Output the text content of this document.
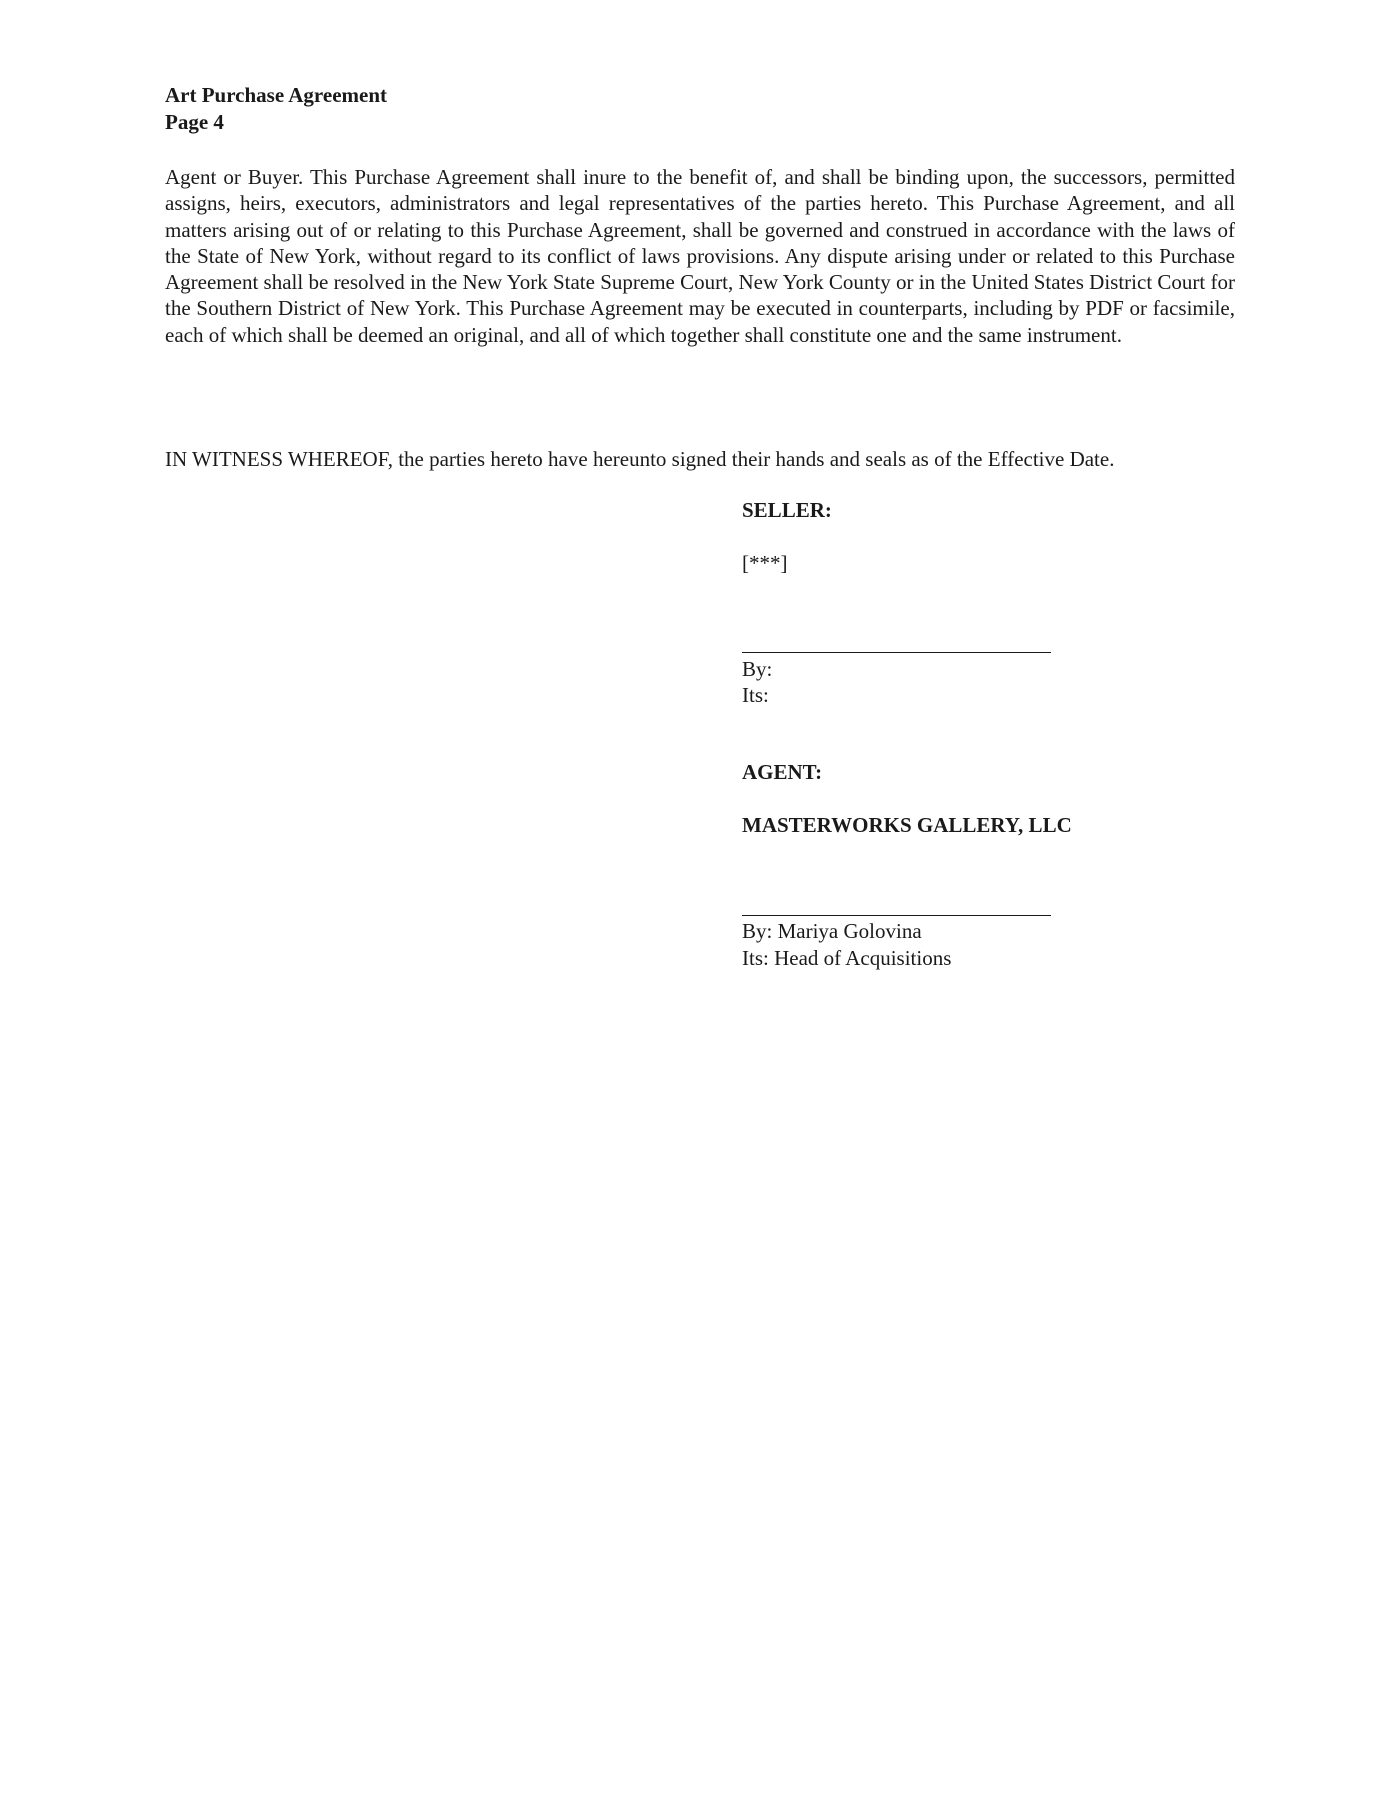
Art Purchase Agreement
Page 4
Agent or Buyer. This Purchase Agreement shall inure to the benefit of, and shall be binding upon, the successors, permitted assigns, heirs, executors, administrators and legal representatives of the parties hereto. This Purchase Agreement, and all matters arising out of or relating to this Purchase Agreement, shall be governed and construed in accordance with the laws of the State of New York, without regard to its conflict of laws provisions. Any dispute arising under or related to this Purchase Agreement shall be resolved in the New York State Supreme Court, New York County or in the United States District Court for the Southern District of New York. This Purchase Agreement may be executed in counterparts, including by PDF or facsimile, each of which shall be deemed an original, and all of which together shall constitute one and the same instrument.
IN WITNESS WHEREOF, the parties hereto have hereunto signed their hands and seals as of the Effective Date.
SELLER:
[***]
By:
Its:
AGENT:
MASTERWORKS GALLERY, LLC
By: Mariya Golovina
Its: Head of Acquisitions
